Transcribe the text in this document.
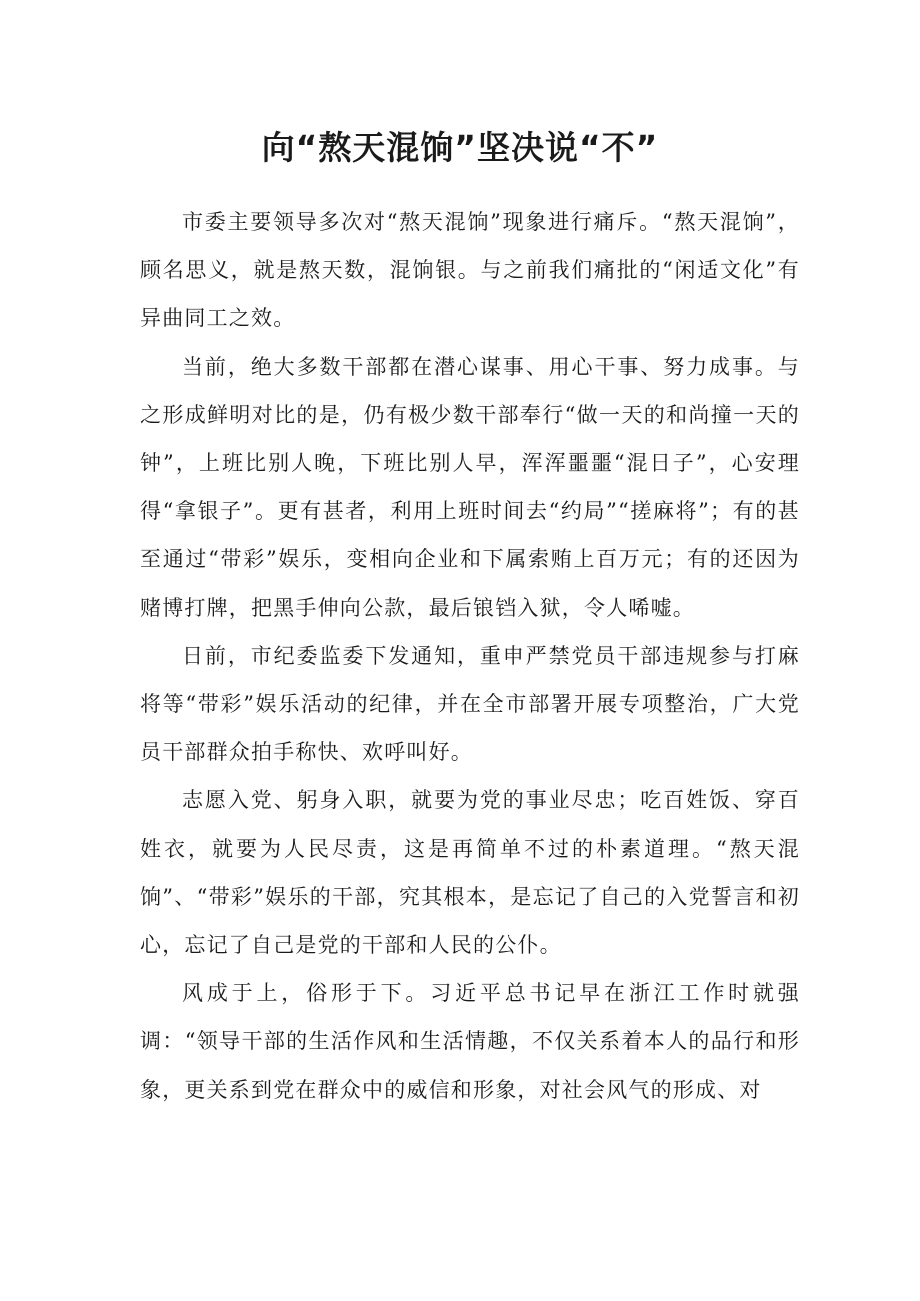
向“熬天混饷”坚决说“不”

市委主要领导多次对“熬天混饷”现象进行痛斥。“熬天混饷”，顾名思义，就是熬天数，混饷银。与之前我们痛批的“闲适文化”有异曲同工之效。

当前，绝大多数干部都在潜心谋事、用心干事、努力成事。与之形成鲜明对比的是，仍有极少数干部奉行“做一天的和尚撞一天的钟”，上班比别人晚，下班比别人早，浑浑噩噩“混日子”，心安理得“拿银子”。更有甚者，利用上班时间去“约局”“搓麻将”；有的甚至通过“带彩”娱乐，变相向企业和下属索贿上百万元；有的还因为赌博打牌，把黑手伸向公款，最后锒铛入狱，令人唏嘘。

日前，市纪委监委下发通知，重申严禁党员干部违规参与打麻将等“带彩”娱乐活动的纪律，并在全市部署开展专项整治，广大党员干部群众拍手称快、欢呼叫好。

志愿入党、躬身入职，就要为党的事业尽忠；吃百姓饭、穿百姓衣，就要为人民尽责，这是再简单不过的朴素道理。“熬天混饷”、“带彩”娱乐的干部，究其根本，是忘记了自己的入党誓言和初心，忘记了自己是党的干部和人民的公仆。

风成于上，俗形于下。习近平总书记早在浙江工作时就强调：“领导干部的生活作风和生活情趣，不仅关系着本人的品行和形象，更关系到党在群众中的威信和形象，对社会风气的形成、对
